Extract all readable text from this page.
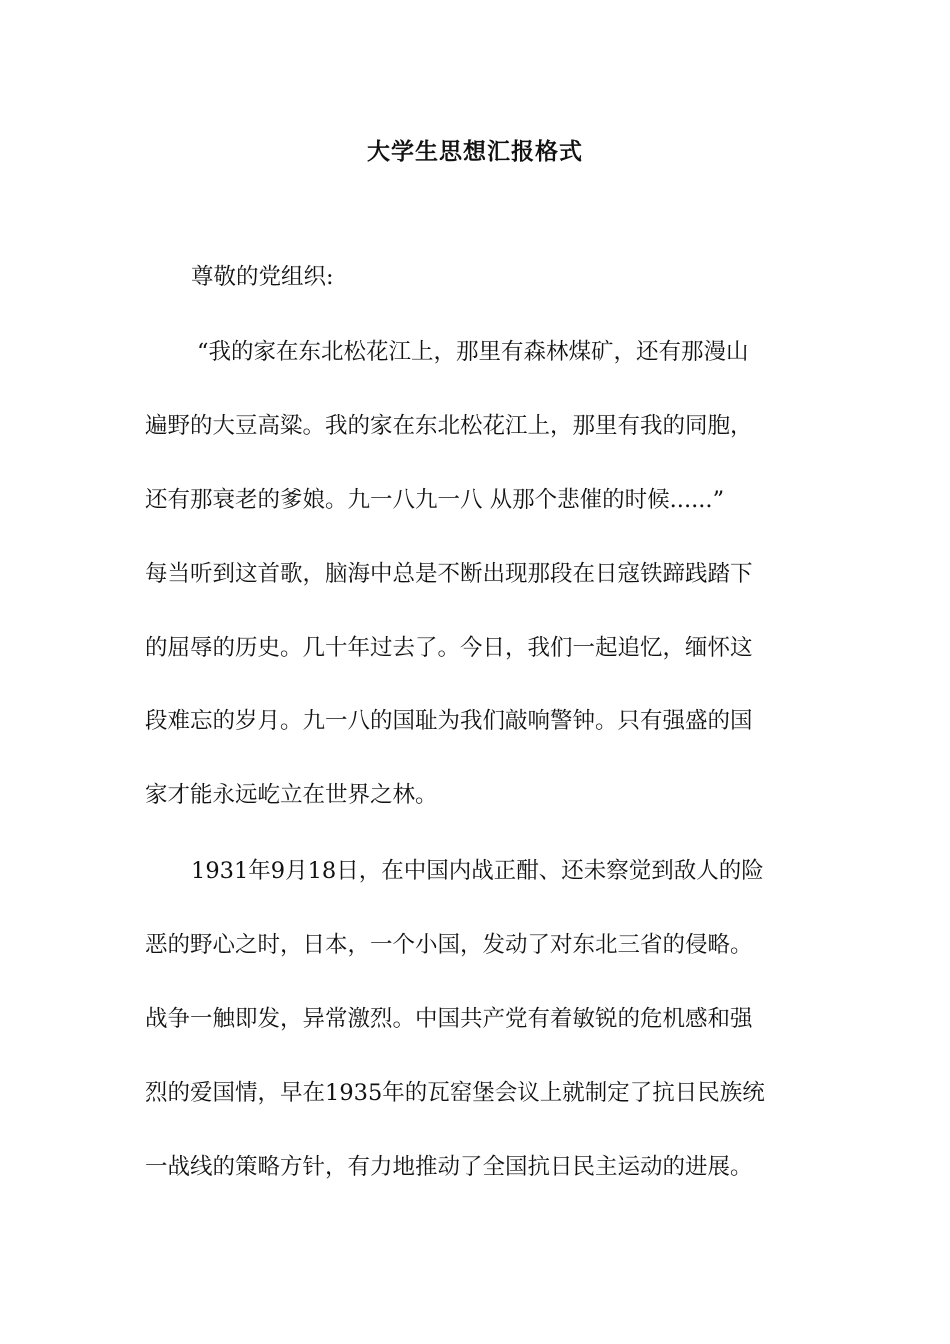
大学生思想汇报格式

尊敬的党组织:

“我的家在东北松花江上，那里有森林煤矿，还有那漫山

遍野的大豆高粱。我的家在东北松花江上，那里有我的同胞，

还有那衰老的爹娘。九一八九一八 从那个悲催的时候......”

每当听到这首歌，脑海中总是不断出现那段在日寇铁蹄践踏下

的屈辱的历史。几十年过去了。今日，我们一起追忆，缅怀这

段难忘的岁月。九一八的国耻为我们敲响警钟。只有强盛的国

家才能永远屹立在世界之林。

1931年9月18日，在中国内战正酣、还未察觉到敌人的险

恶的野心之时，日本，一个小国，发动了对东北三省的侵略。

战争一触即发，异常激烈。中国共产党有着敏锐的危机感和强

烈的爱国情，早在1935年的瓦窑堡会议上就制定了抗日民族统

一战线的策略方针，有力地推动了全国抗日民主运动的进展。
